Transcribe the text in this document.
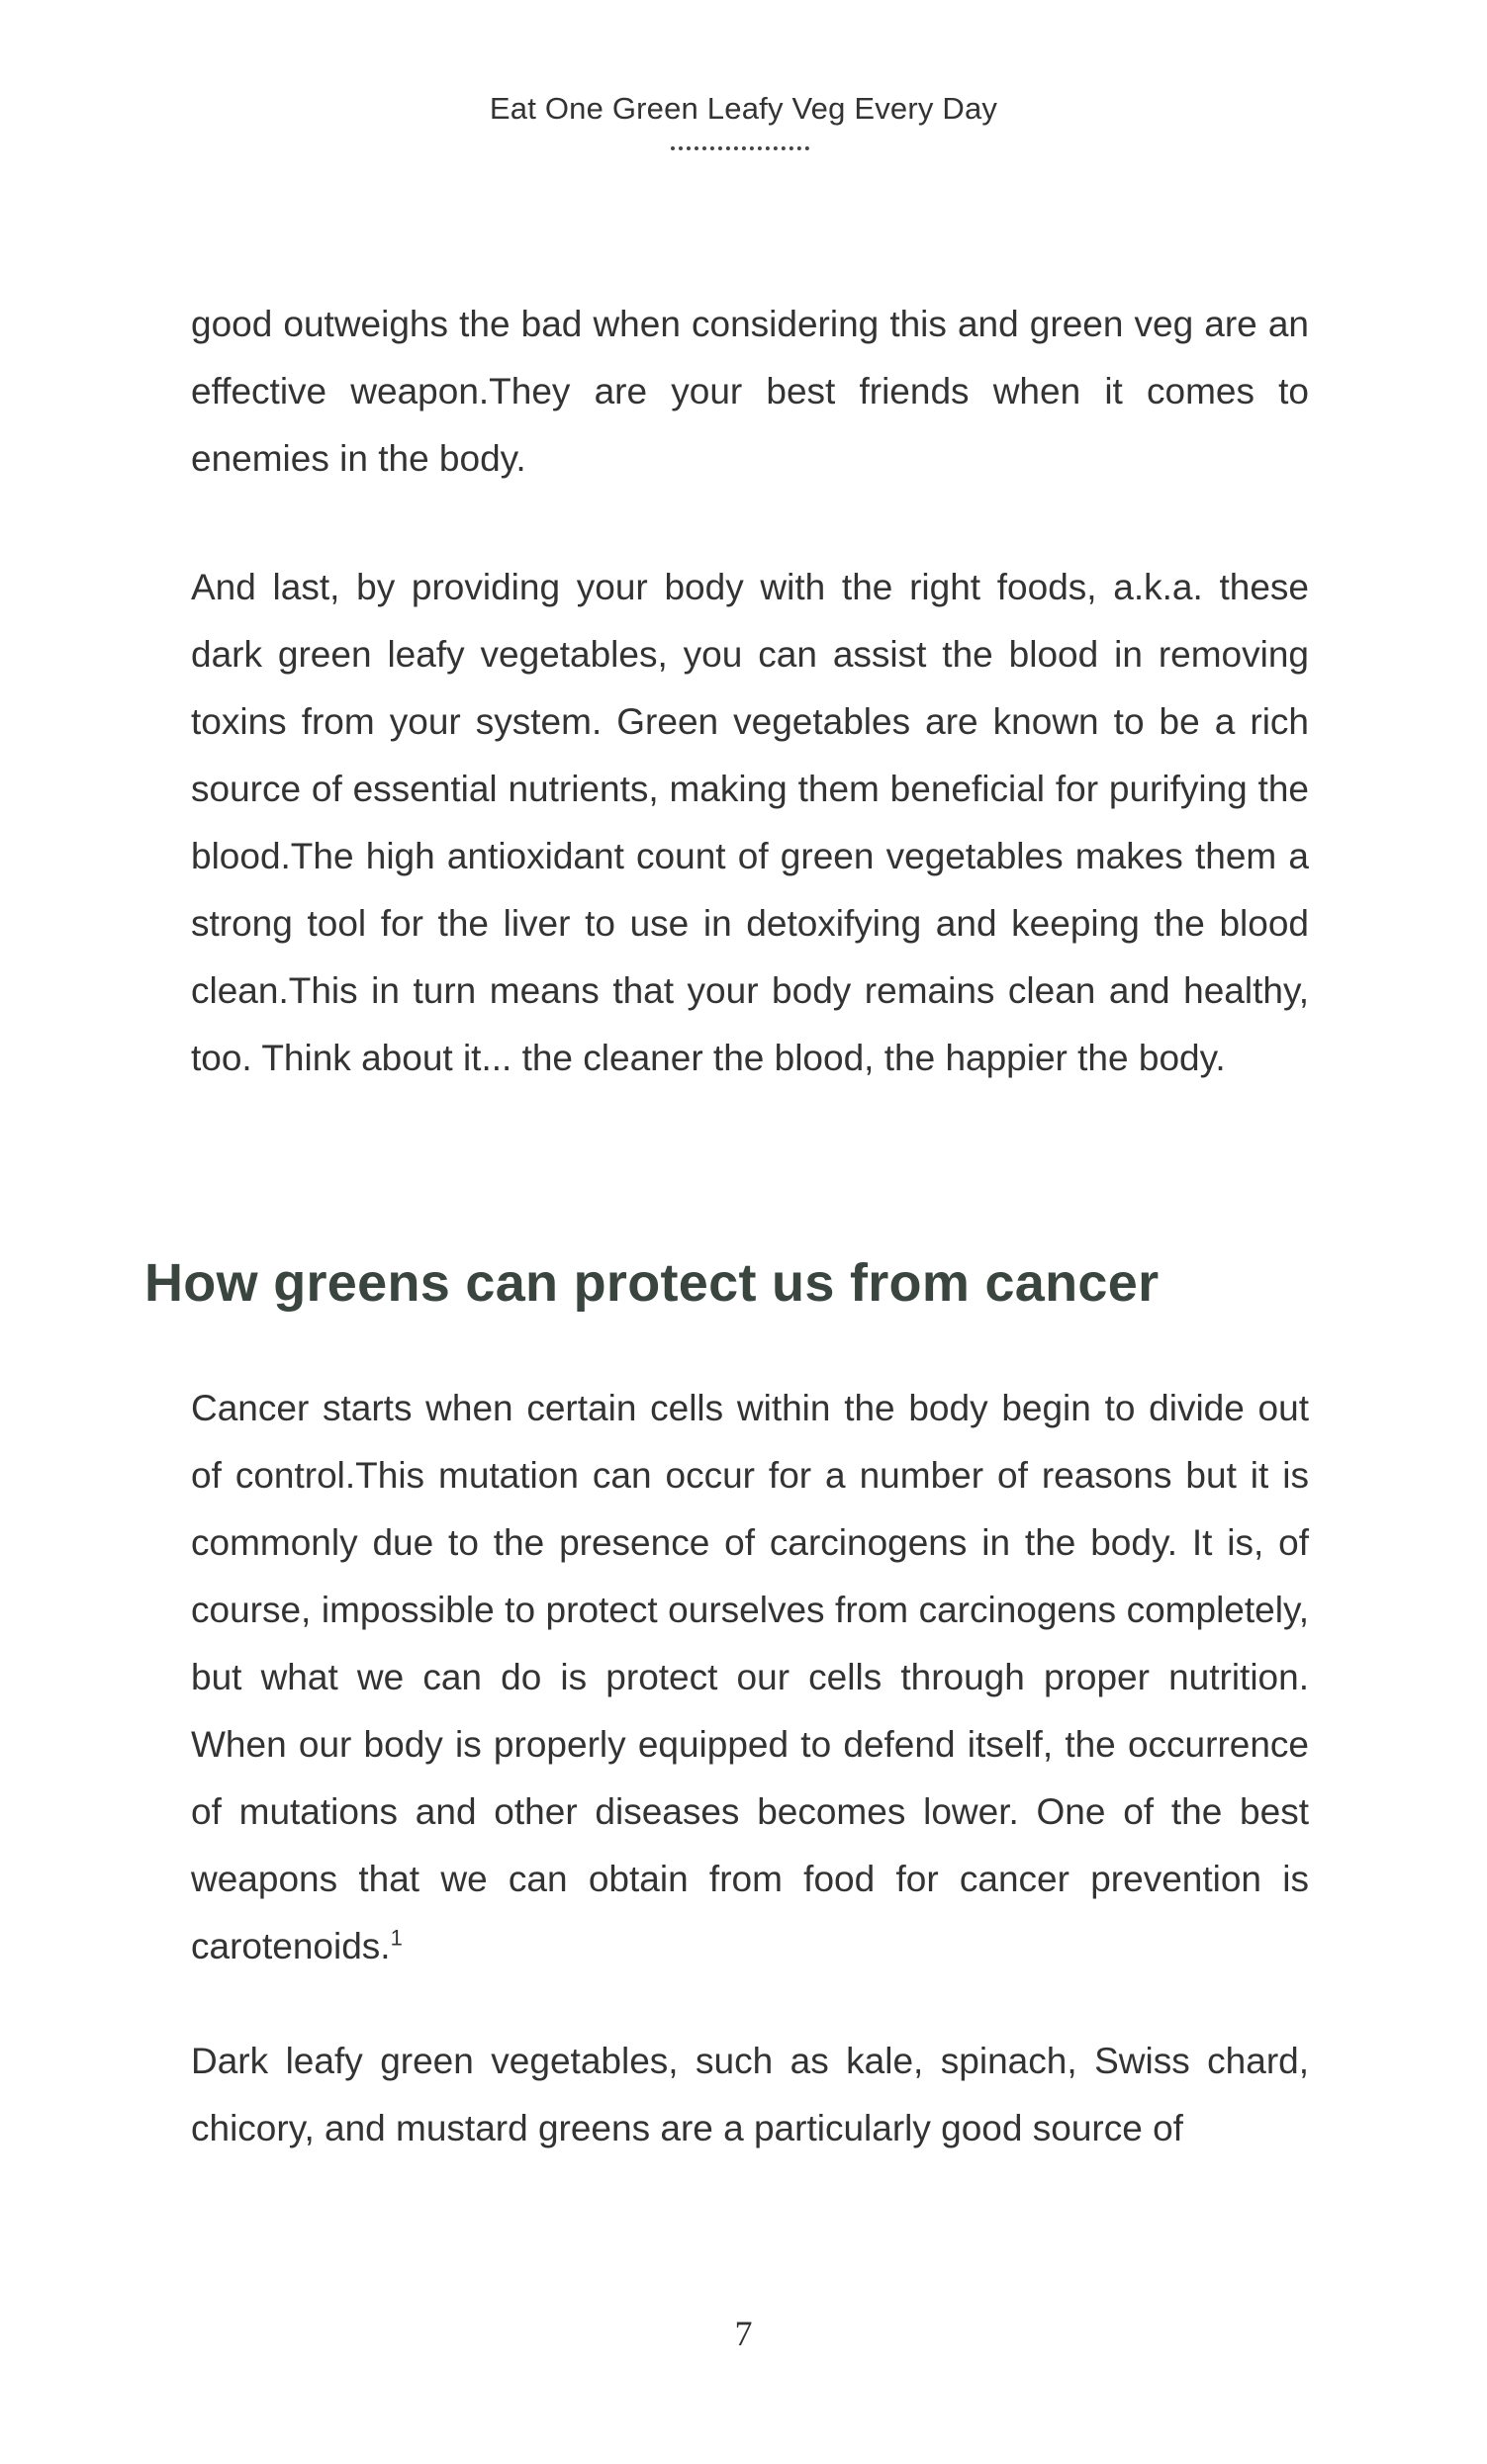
Eat One Green Leafy Veg Every Day

good outweighs the bad when considering this and green veg are an effective weapon.They are your best friends when it comes to enemies in the body.

And last, by providing your body with the right foods, a.k.a. these dark green leafy vegetables, you can assist the blood in removing toxins from your system. Green vegetables are known to be a rich source of essential nutrients, making them beneficial for purifying the blood.The high antioxidant count of green vegetables makes them a strong tool for the liver to use in detoxifying and keeping the blood clean.This in turn means that your body remains clean and healthy, too. Think about it... the cleaner the blood, the happier the body.

How greens can protect us from cancer

Cancer starts when certain cells within the body begin to divide out of control.This mutation can occur for a number of reasons but it is commonly due to the presence of carcinogens in the body. It is, of course, impossible to protect ourselves from carcinogens completely, but what we can do is protect our cells through proper nutrition. When our body is properly equipped to defend itself, the occurrence of mutations and other diseases becomes lower. One of the best weapons that we can obtain from food for cancer prevention is carotenoids.$^1$

Dark leafy green vegetables, such as kale, spinach, Swiss chard, chicory, and mustard greens are a particularly good source of

7
